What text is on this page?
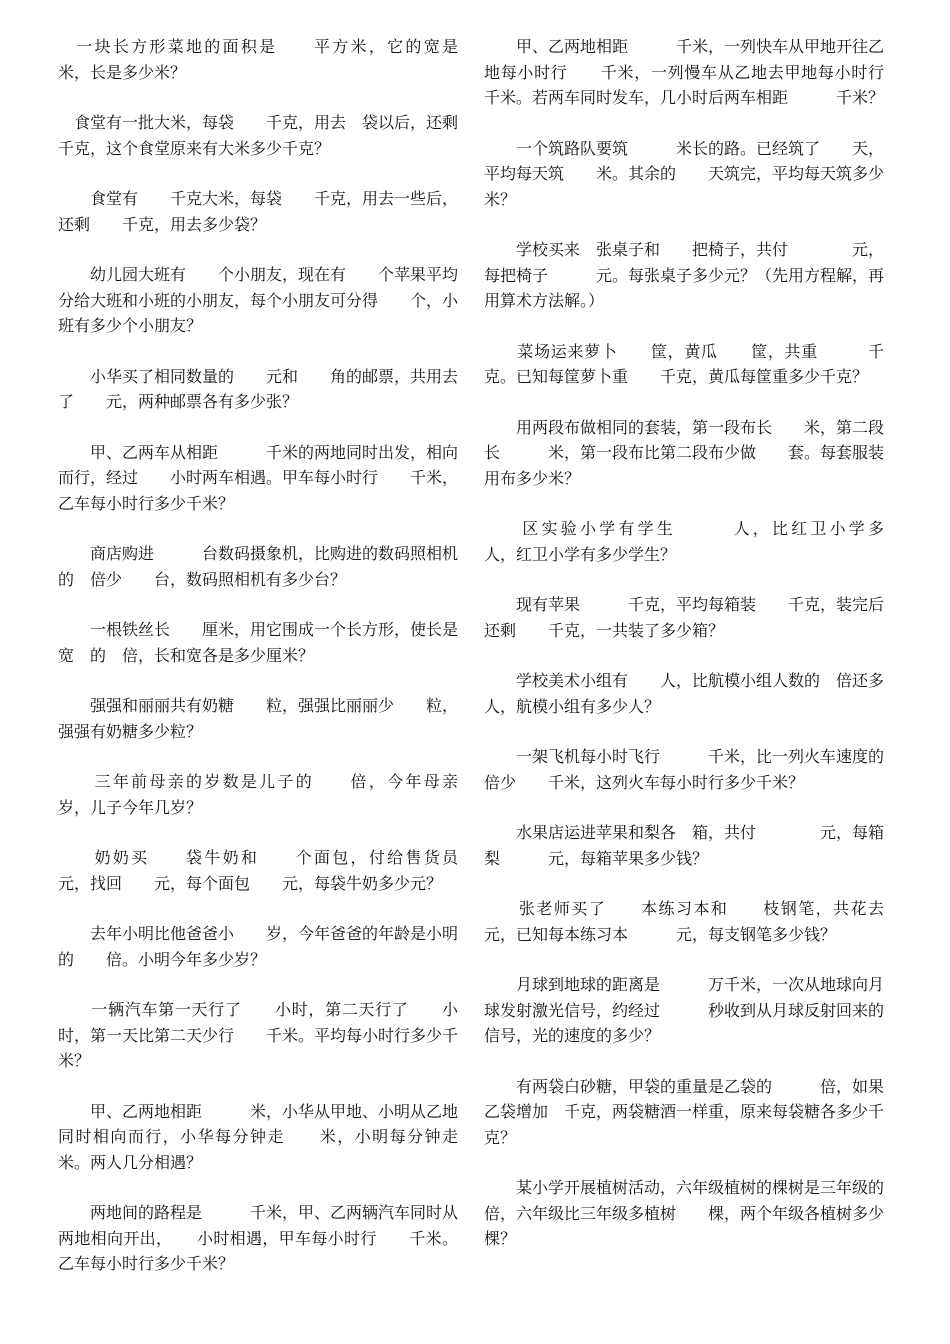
　一块长方形菜地的面积是　　平方米，它的宽是　　米，长是多少米？

　食堂有一批大米，每袋　　千克，用去　袋以后，还剩　　千克，这个食堂原来有大米多少千克？

　　食堂有　　千克大米，每袋　　千克，用去一些后，还剩　　千克，用去多少袋？

　　幼儿园大班有　　个小朋友，现在有　　个苹果平均分给大班和小班的小朋友，每个小朋友可分得　　个，小班有多少个小朋友？

　　小华买了相同数量的　　元和　　角的邮票，共用去了　　元，两种邮票各有多少张？

　　甲、乙两车从相距　　　千米的两地同时出发，相向而行，经过　　小时两车相遇。甲车每小时行　　千米，乙车每小时行多少千米？

　　商店购进　　　台数码摄象机，比购进的数码照相机的　倍少　　台，数码照相机有多少台？

　　一根铁丝长　　厘米，用它围成一个长方形，使长是宽　的　倍，长和宽各是多少厘米？

　　强强和丽丽共有奶糖　　粒，强强比丽丽少　　粒，强强有奶糖多少粒？

　　三年前母亲的岁数是儿子的　　倍，今年母亲　　岁，儿子今年几岁？

　　奶奶买　　袋牛奶和　　个面包，付给售货员　　元，找回　　元，每个面包　　元，每袋牛奶多少元？

　　去年小明比他爸爸小　　岁，今年爸爸的年龄是小明的　　倍。小明今年多少岁？

　　一辆汽车第一天行了　　小时，第二天行了　　小时，第一天比第二天少行　　千米。平均每小时行多少千米？

　　甲、乙两地相距　　　米，小华从甲地、小明从乙地同时相向而行，小华每分钟走　　米，小明每分钟走　　米。两人几分相遇？

　　两地间的路程是　　　千米，甲、乙两辆汽车同时从两地相向开出，　　小时相遇，甲车每小时行　　千米。乙车每小时行多少千米？

　　甲、乙两地相距　　　千米，一列快车从甲地开往乙地每小时行　　千米，一列慢车从乙地去甲地每小时行　　千米。若两车同时发车，几小时后两车相距　　　千米？

　　一个筑路队要筑　　　米长的路。已经筑了　　天，平均每天筑　　米。其余的　　天筑完，平均每天筑多少米？

　　学校买来　张桌子和　　把椅子，共付　　　　元，每把椅子　　　元。每张桌子多少元？（先用方程解，再用算术方法解。）

　　菜场运来萝卜　　筐，黄瓜　　筐，共重　　　千克。已知每筐萝卜重　　千克，黄瓜每筐重多少千克？

　　用两段布做相同的套装，第一段布长　　米，第二段长　　　米，第一段布比第二段布少做　　套。每套服装用布多少米？

　　区实验小学有学生　　　人，比红卫小学多　　　人，红卫小学有多少学生？

　　现有苹果　　　千克，平均每箱装　　千克，装完后还剩　　千克，一共装了多少箱？

　　学校美术小组有　　人，比航模小组人数的　倍还多　人，航模小组有多少人？

　　一架飞机每小时飞行　　　千米，比一列火车速度的　倍少　　千米，这列火车每小时行多少千米？

　　水果店运进苹果和梨各　箱，共付　　　　元，每箱梨　　　元，每箱苹果多少钱？

　　张老师买了　　本练习本和　　枝钢笔，共花去　　元，已知每本练习本　　　元，每支钢笔多少钱？

　　月球到地球的距离是　　　万千米，一次从地球向月球发射激光信号，约经过　　　秒收到从月球反射回来的信号，光的速度的多少？

　　有两袋白砂糖，甲袋的重量是乙袋的　　　倍，如果乙袋增加　千克，两袋糖酒一样重，原来每袋糖各多少千克？

　　某小学开展植树活动，六年级植树的棵树是三年级的　倍，六年级比三年级多植树　　棵，两个年级各植树多少棵？
